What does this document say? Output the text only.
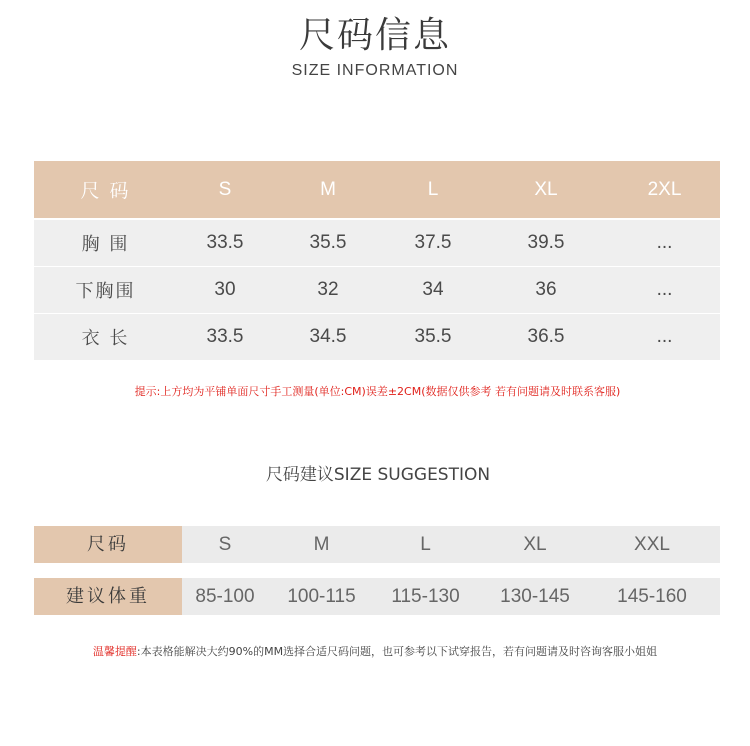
尺码信息
SIZE INFORMATION
尺 码	S	M	L	XL	2XL
胸 围	33.5	35.5	37.5	39.5	...
下胸围	30	32	34	36	...
衣 长	33.5	34.5	35.5	36.5	...
提示:上方均为平铺单面尺寸手工测量(单位:CM)误差±2CM(数据仅供参考 若有问题请及时联系客服)
尺码建议SIZE SUGGESTION
尺码	S	M	L	XL	XXL
建议体重	85-100	100-115	115-130	130-145	145-160
温馨提醒:本表格能解决大约90%的MM选择合适尺码问题，也可参考以下试穿报告，若有问题请及时咨询客服小姐姐
